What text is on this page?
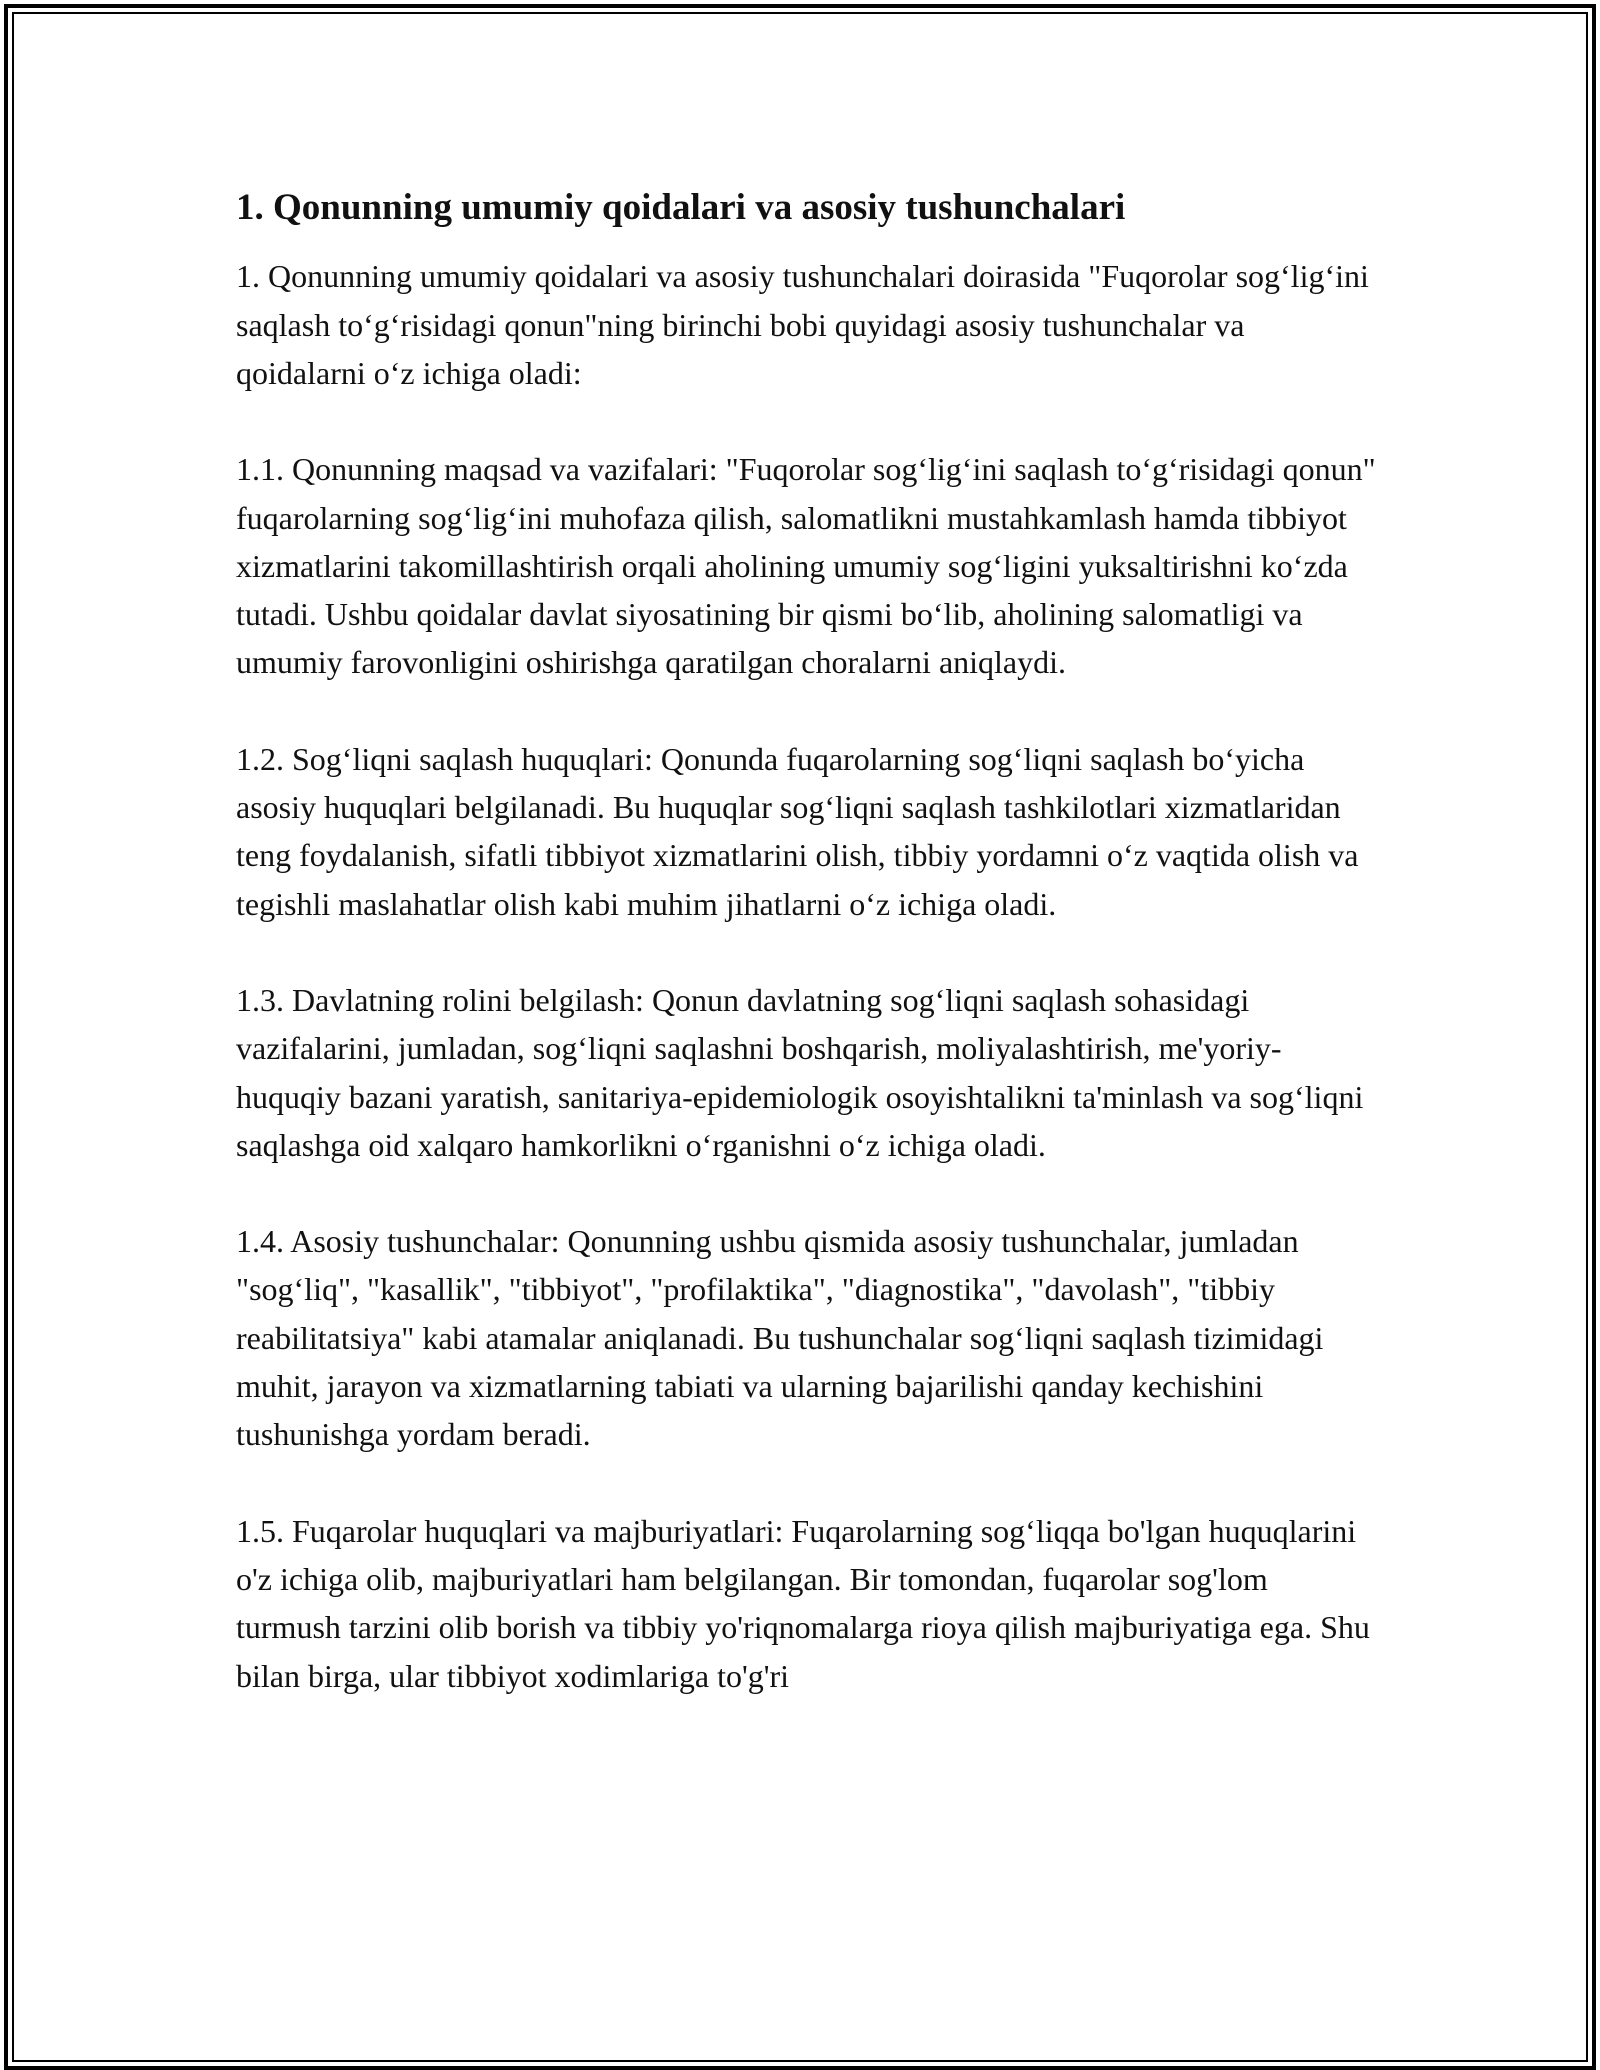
1. Qonunning umumiy qoidalari va asosiy tushunchalari

1. Qonunning umumiy qoidalari va asosiy tushunchalari doirasida "Fuqorolar sog‘lig‘ini saqlash to‘g‘risidagi qonun"ning birinchi bobi quyidagi asosiy tushunchalar va qoidalarni o‘z ichiga oladi:

1.1. Qonunning maqsad va vazifalari: "Fuqorolar sog‘lig‘ini saqlash to‘g‘risidagi qonun" fuqarolarning sog‘lig‘ini muhofaza qilish, salomatlikni mustahkamlash hamda tibbiyot xizmatlarini takomillashtirish orqali aholining umumiy sog‘ligini yuksaltirishni ko‘zda tutadi. Ushbu qoidalar davlat siyosatining bir qismi bo‘lib, aholining salomatligi va umumiy farovonligini oshirishga qaratilgan choralarni aniqlaydi.

1.2. Sog‘liqni saqlash huquqlari: Qonunda fuqarolarning sog‘liqni saqlash bo‘yicha asosiy huquqlari belgilanadi. Bu huquqlar sog‘liqni saqlash tashkilotlari xizmatlaridan teng foydalanish, sifatli tibbiyot xizmatlarini olish, tibbiy yordamni o‘z vaqtida olish va tegishli maslahatlar olish kabi muhim jihatlarni o‘z ichiga oladi.

1.3. Davlatning rolini belgilash: Qonun davlatning sog‘liqni saqlash sohasidagi vazifalarini, jumladan, sog‘liqni saqlashni boshqarish, moliyalashtirish, me'yoriy-huquqiy bazani yaratish, sanitariya-epidemiologik osoyishtalikni ta'minlash va sog‘liqni saqlashga oid xalqaro hamkorlikni o‘rganishni o‘z ichiga oladi.

1.4. Asosiy tushunchalar: Qonunning ushbu qismida asosiy tushunchalar, jumladan "sog‘liq", "kasallik", "tibbiyot", "profilaktika", "diagnostika", "davolash", "tibbiy reabilitatsiya" kabi atamalar aniqlanadi. Bu tushunchalar sog‘liqni saqlash tizimidagi muhit, jarayon va xizmatlarning tabiati va ularning bajarilishi qanday kechishini tushunishga yordam beradi.

1.5. Fuqarolar huquqlari va majburiyatlari: Fuqarolarning sog‘liqqa bo'lgan huquqlarini o'z ichiga olib, majburiyatlari ham belgilangan. Bir tomondan, fuqarolar sog'lom turmush tarzini olib borish va tibbiy yo'riqnomalarga rioya qilish majburiyatiga ega. Shu bilan birga, ular tibbiyot xodimlariga to'g'ri
